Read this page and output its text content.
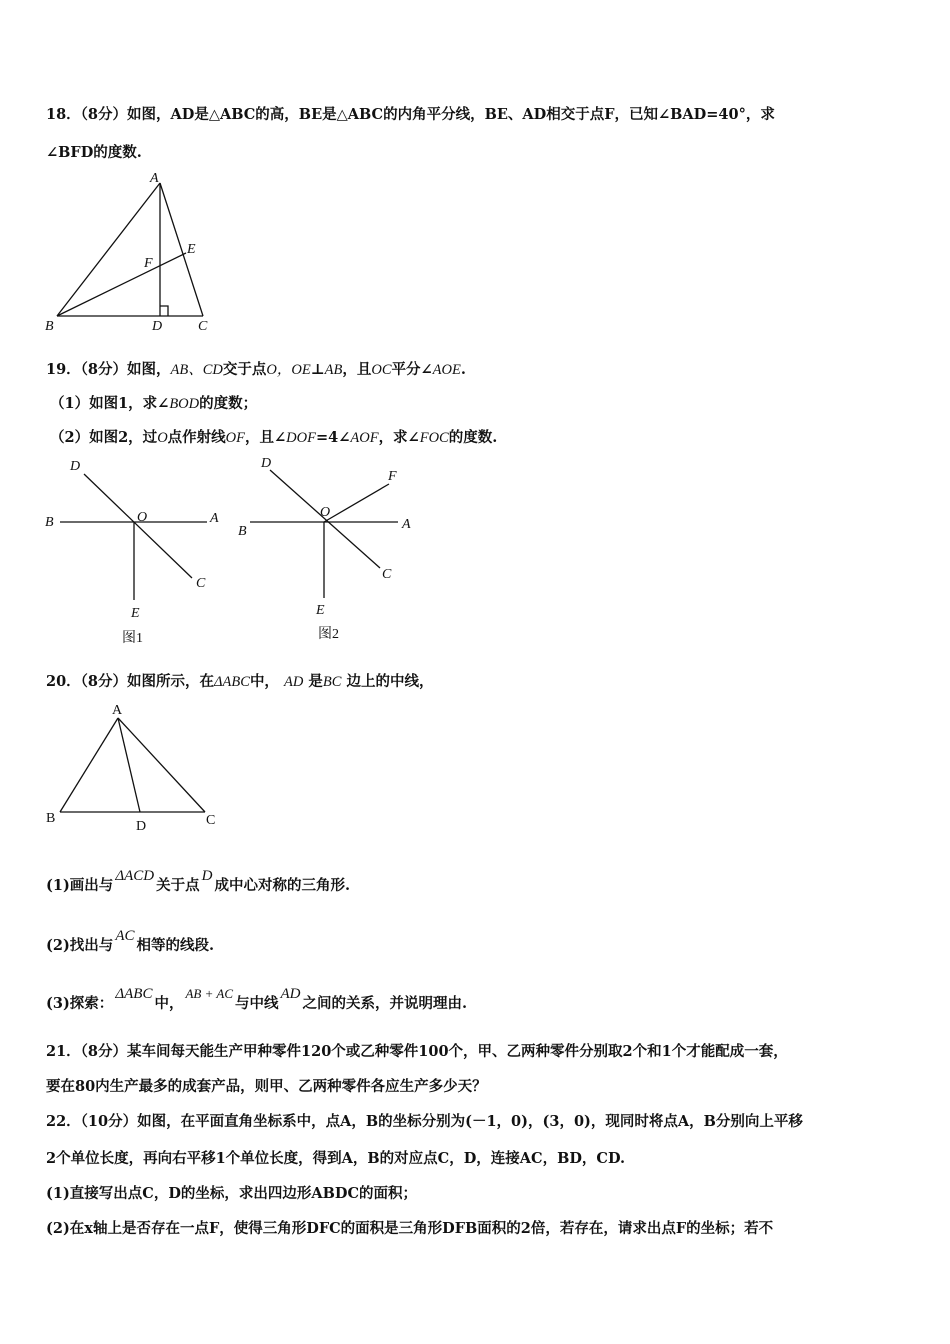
18．（8分）如图，AD是△ABC的高，BE是△ABC的内角平分线，BE、AD相交于点F，已知∠BAD=40°，求
∠BFD的度数.
A
B	C
D
E
F
19．（8分）如图，AB、CD交于点O，OE⊥AB，且OC平分∠AOE.
（1）如图1，求∠BOD的度数；
（2）如图2，过O点作射线OF，且∠DOF=4∠AOF，求∠FOC的度数.
D
B	O	A
C
E
图1
D
F
B
O
A
C
E
图2
20．（8分）如图所示，在ΔABC中， AD 是BC 边上的中线，
A
B
D	C
(1)画出与ΔACD关于点D成中心对称的三角形.
(2)找出与AC相等的线段.
(3)探索：ΔABC中，AB + AC与中线AD之间的关系，并说明理由.
21．（8分）某车间每天能生产甲种零件120个或乙种零件100个，甲、乙两种零件分别取2个和1个才能配成一套，
要在80内生产最多的成套产品，则甲、乙两种零件各应生产多少天？
22．（10分）如图，在平面直角坐标系中，点A，B的坐标分别为(－1，0)，(3，0)，现同时将点A，B分别向上平移
2个单位长度，再向右平移1个单位长度，得到A，B的对应点C，D，连接AC，BD，CD.
(1)直接写出点C，D的坐标，求出四边形ABDC的面积；
(2)在x轴上是否存在一点F，使得三角形DFC的面积是三角形DFB面积的2倍，若存在，请求出点F的坐标；若不
